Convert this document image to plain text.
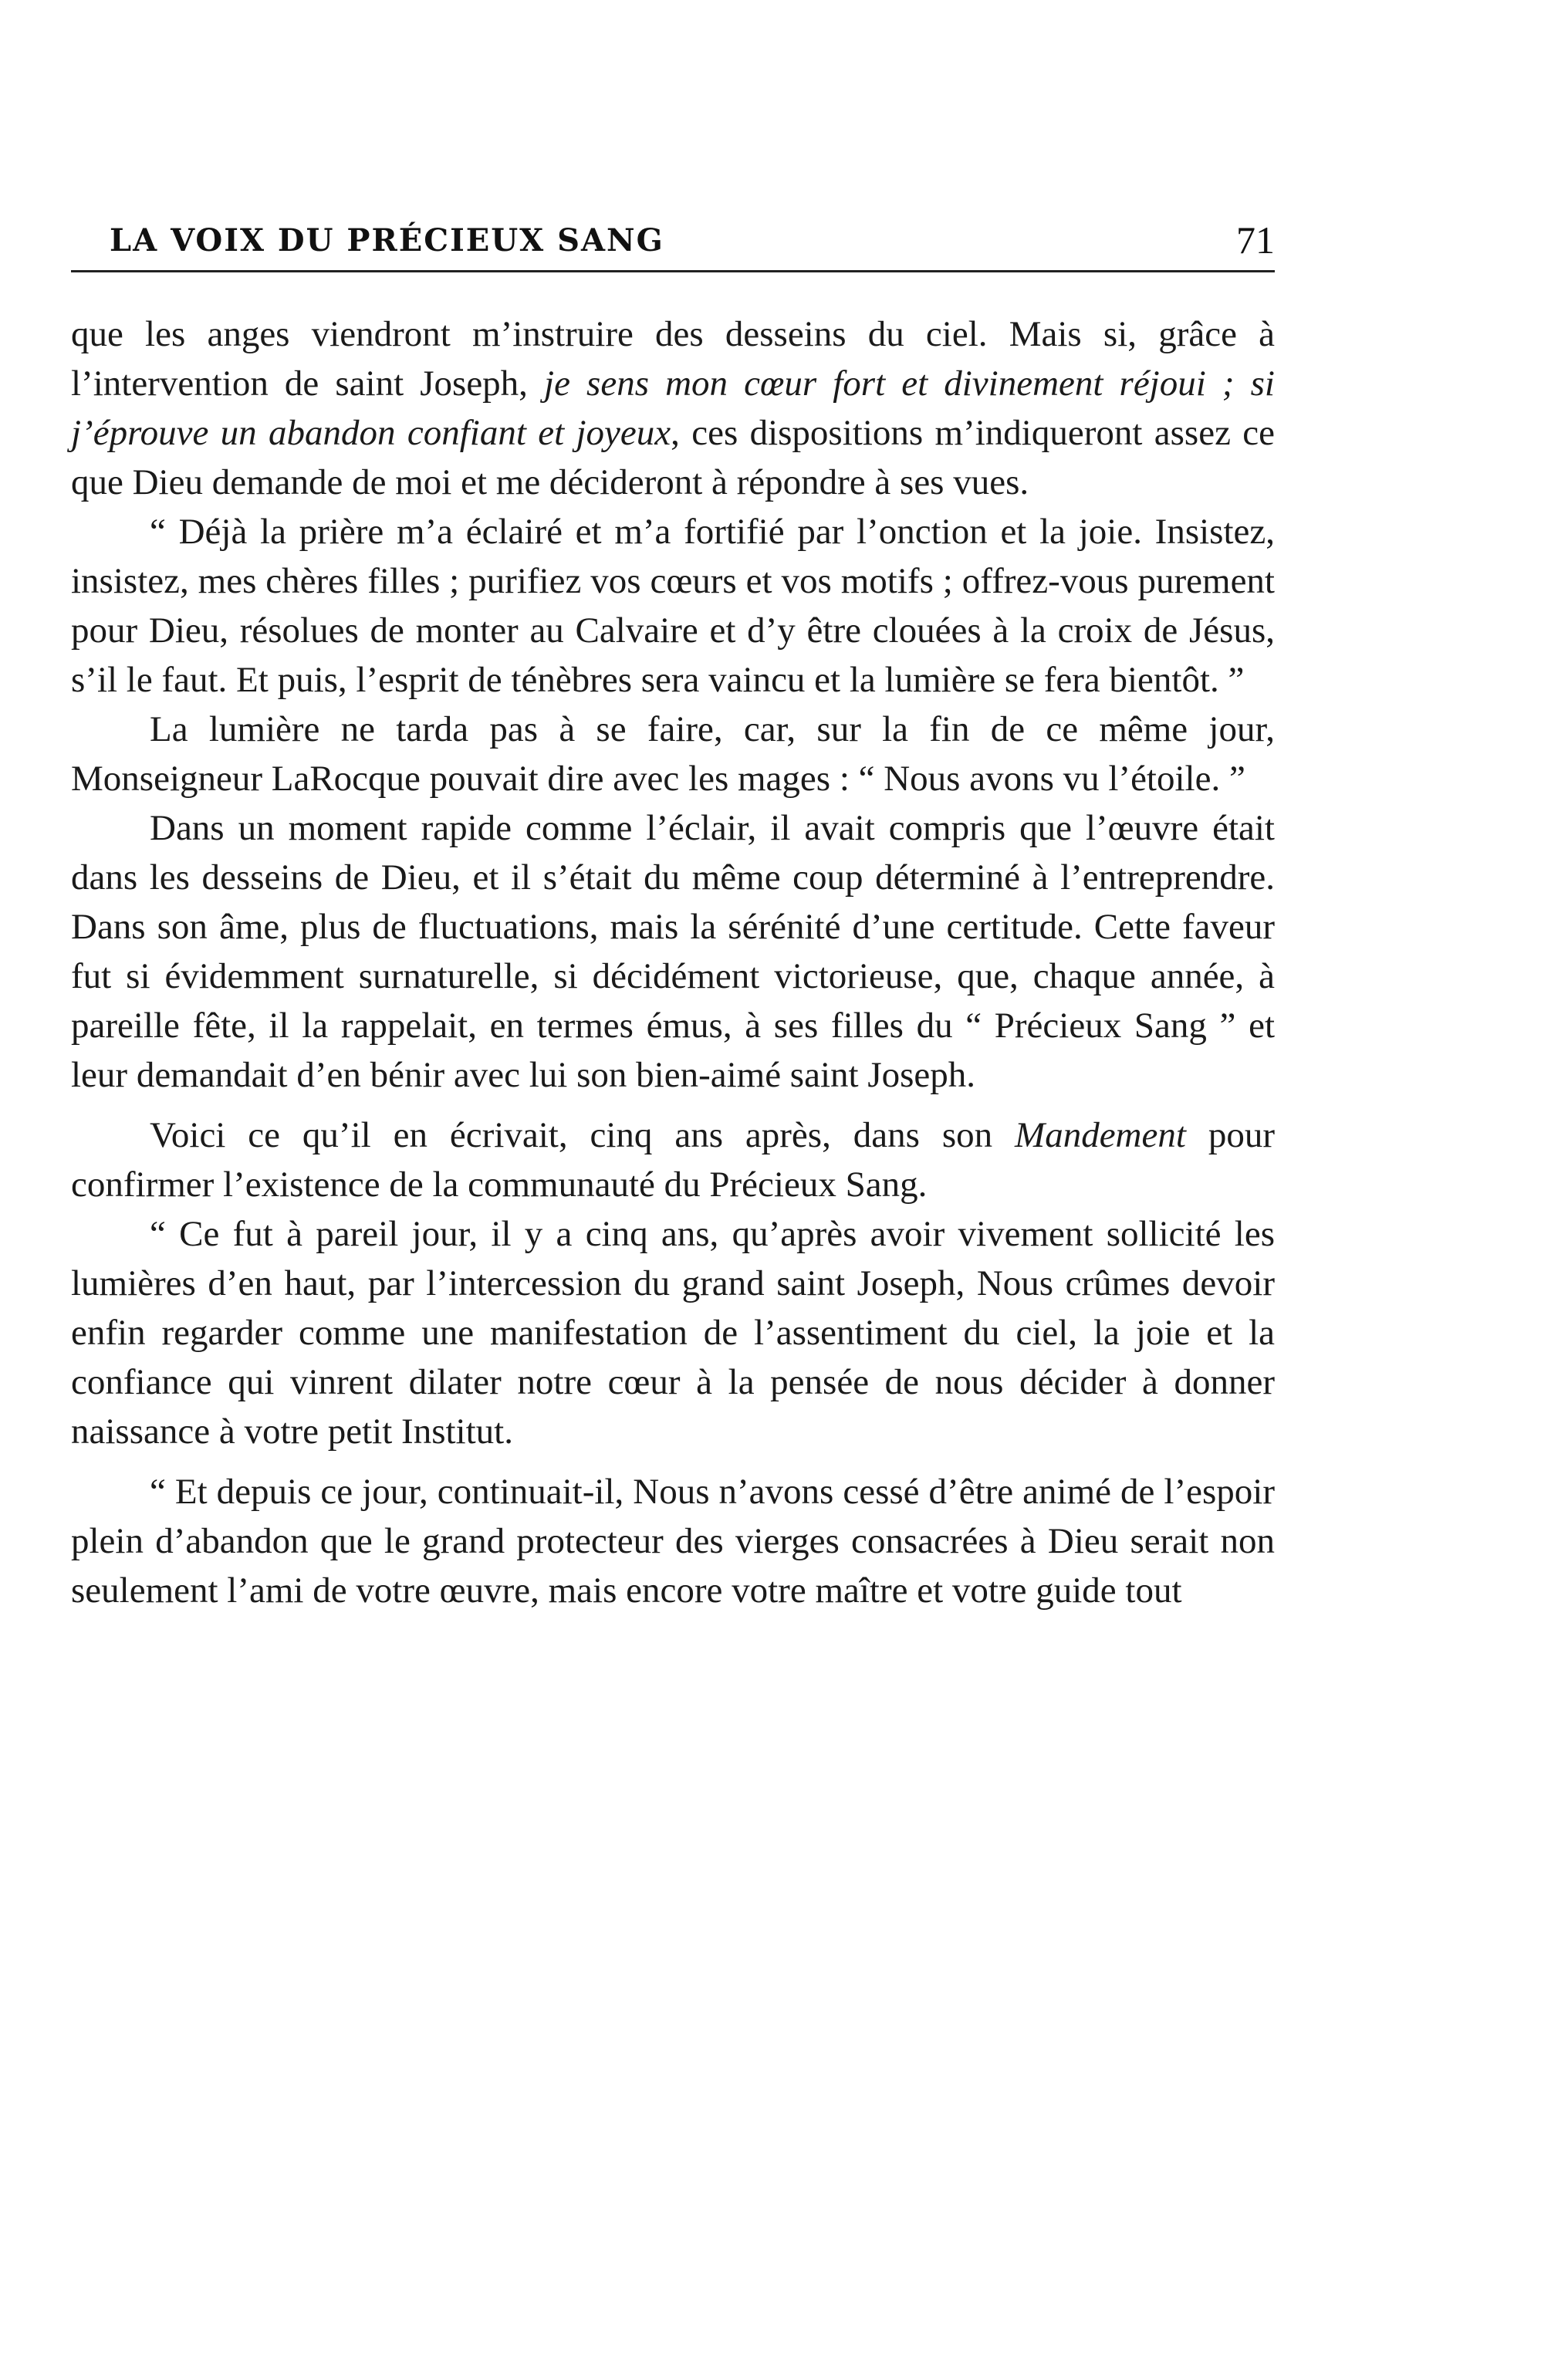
LA VOIX DU PRÉCIEUX SANG	71

que les anges viendront m’instruire des desseins du ciel. Mais si, grâce à l’intervention de saint Joseph, je sens mon cœur fort et divinement réjoui ; si j’éprouve un abandon confiant et joyeux, ces dispositions m’indiqueront assez ce que Dieu demande de moi et me décideront à répondre à ses vues.

“ Déjà la prière m’a éclairé et m’a fortifié par l’onction et la joie. Insistez, insistez, mes chères filles ; purifiez vos cœurs et vos motifs ; offrez-vous purement pour Dieu, résolues de monter au Calvaire et d’y être clouées à la croix de Jésus, s’il le faut. Et puis, l’esprit de ténèbres sera vaincu et la lumière se fera bientôt. ”

La lumière ne tarda pas à se faire, car, sur la fin de ce même jour, Monseigneur LaRocque pouvait dire avec les mages : “ Nous avons vu l’étoile. ”

Dans un moment rapide comme l’éclair, il avait compris que l’œuvre était dans les desseins de Dieu, et il s’était du même coup déterminé à l’entreprendre. Dans son âme, plus de fluctuations, mais la sérénité d’une certitude. Cette faveur fut si évidemment surnaturelle, si décidément victorieuse, que, chaque année, à pareille fête, il la rappelait, en termes émus, à ses filles du “ Précieux Sang ” et leur demandait d’en bénir avec lui son bien-aimé saint Joseph.

Voici ce qu’il en écrivait, cinq ans après, dans son Mandement pour confirmer l’existence de la communauté du Précieux Sang.

“ Ce fut à pareil jour, il y a cinq ans, qu’après avoir vivement sollicité les lumières d’en haut, par l’intercession du grand saint Joseph, Nous crûmes devoir enfin regarder comme une manifestation de l’assentiment du ciel, la joie et la confiance qui vinrent dilater notre cœur à la pensée de nous décider à donner naissance à votre petit Institut.

“ Et depuis ce jour, continuait-il, Nous n’avons cessé d’être animé de l’espoir plein d’abandon que le grand protecteur des vierges consacrées à Dieu serait non seulement l’ami de votre œuvre, mais encore votre maître et votre guide tout
